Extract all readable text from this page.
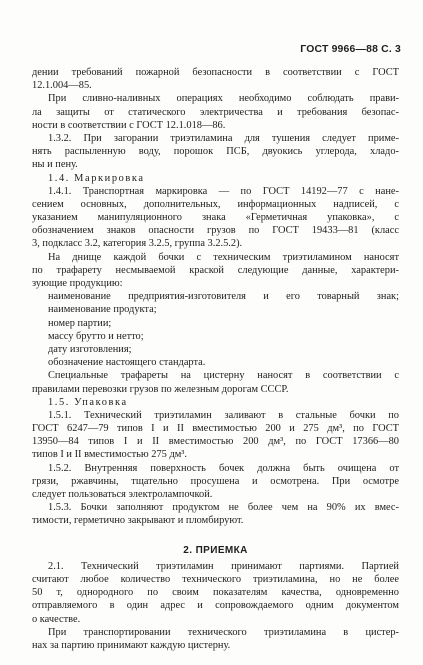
ГОСТ 9966—88 С. 3
дении требований пожарной безопасности в соответствии с ГОСТ
12.1.004—85.
При сливно-наливных операциях необходимо соблюдать прави-
ла защиты от статического электричества и требования безопас-
ности в соответствии с ГОСТ 12.1.018—86.
1.3.2. При загорании триэтиламина для тушения следует приме-
нять распыленную воду, порошок ПСБ, двуокись углерода, хладо-
ны и пену.
1.4. Маркировка
1.4.1. Транспортная маркировка — по ГОСТ 14192—77 с нане-
сением основных, дополнительных, информационных надписей, с
указанием манипуляционного знака «Герметичная упаковка», с
обозначением знаков опасности грузов по ГОСТ 19433—81 (класс
3, подкласс 3.2, категория 3.2.5, группа 3.2.5.2).
На днище каждой бочки с техническим триэтиламином наносят
по трафарету несмываемой краской следующие данные, характери-
зующие продукцию:
наименование предприятия-изготовителя и его товарный знак;
наименование продукта;
номер партии;
массу брутто и нетто;
дату изготовления;
обозначение настоящего стандарта.
Специальные трафареты на цистерну наносят в соответствии с
правилами перевозки грузов по железным дорогам СССР.
1.5. Упаковка
1.5.1. Технический триэтиламин заливают в стальные бочки по
ГОСТ 6247—79 типов I и II вместимостью 200 и 275 дм³, по ГОСТ
13950—84 типов I и II вместимостью 200 дм³, по ГОСТ 17366—80
типов I и II вместимостью 275 дм³.
1.5.2. Внутренняя поверхность бочек должна быть очищена от
грязи, ржавчины, тщательно просушена и осмотрена. При осмотре
следует пользоваться электролампочкой.
1.5.3. Бочки заполняют продуктом не более чем на 90% их вмес-
тимости, герметично закрывают и пломбируют.
2. ПРИЕМКА
2.1. Технический триэтиламин принимают партиями. Партией
считают любое количество технического триэтиламина, но не более
50 т, однородного по своим показателям качества, одновременно
отправляемого в один адрес и сопровождаемого одним документом
о качестве.
При транспортировании технического триэтиламина в цистер-
нах за партию принимают каждую цистерну.
